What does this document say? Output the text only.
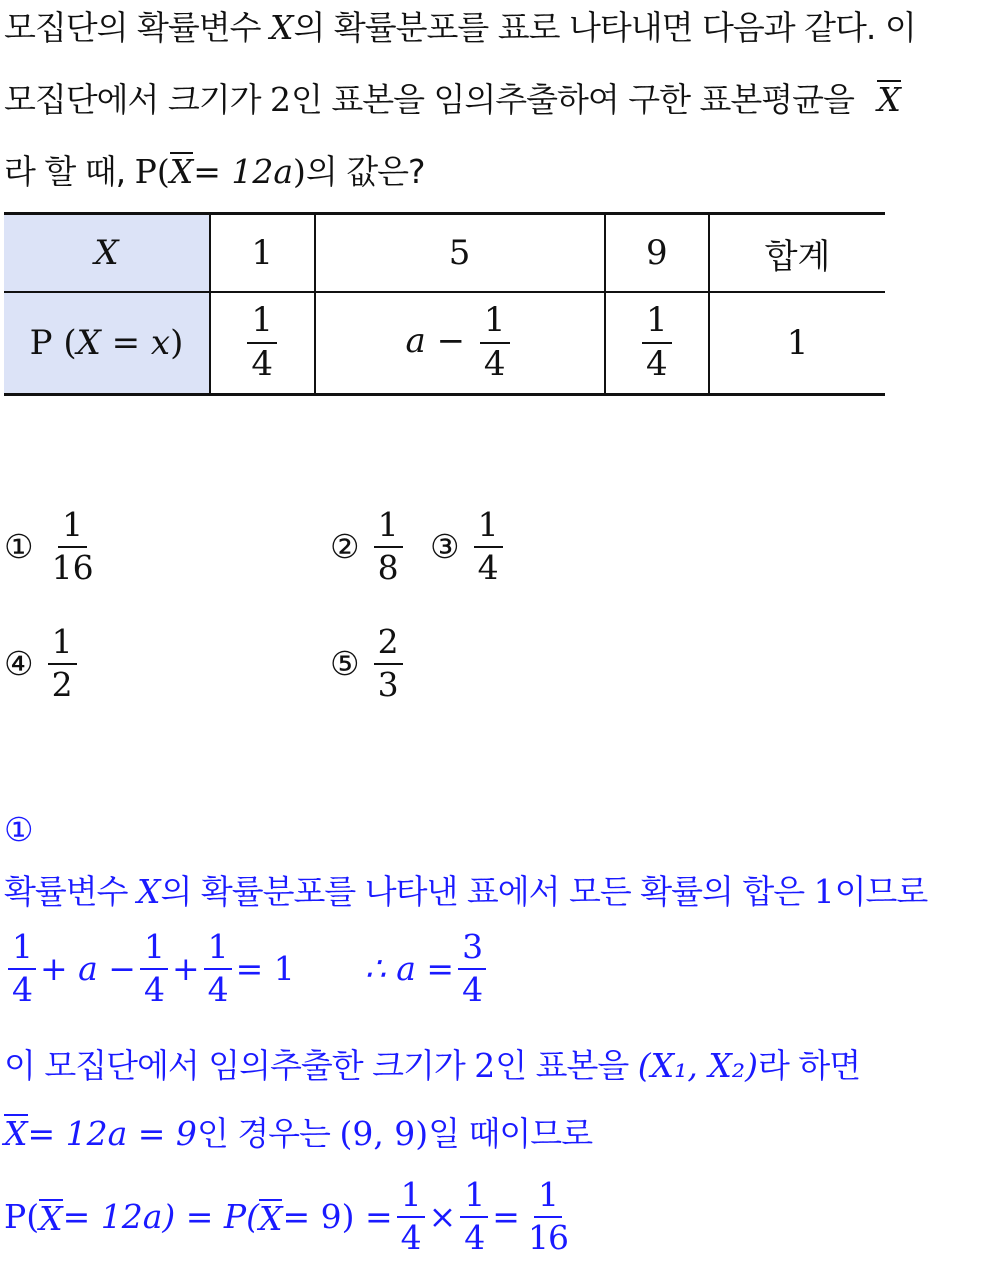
모집단의 확률변수 X의 확률분포를 표로 나타내면 다음과 같다. 이
모집단에서 크기가 2인 표본을 임의추출하여 구한 표본평균을 X
라 할 때, P(X= 12a)의 값은?
X	1	5	9	합계
P (X = x)	$\frac{1}{4}$	$a - \frac{1}{4}$	$\frac{1}{4}$	1
① $\frac{1}{16}$	② $\frac{1}{8}$ ③ $\frac{1}{4}$
④ $\frac{1}{2}$	⑤ $\frac{2}{3}$
①
확률변수 X의 확률분포를 나타낸 표에서 모든 확률의 합은 1이므로
$\frac{1}{4} + a - \frac{1}{4} + \frac{1}{4} = 1$ ∴ $a = \frac{3}{4}$
이 모집단에서 임의추출한 크기가 2인 표본을 (X₁, X₂)라 하면
X= 12a = 9인 경우는 (9, 9)일 때이므로
P( X = 12a) = P( $X = 9) = \frac{1}{4} \times \frac{1}{4} = \frac{1}{16}$
